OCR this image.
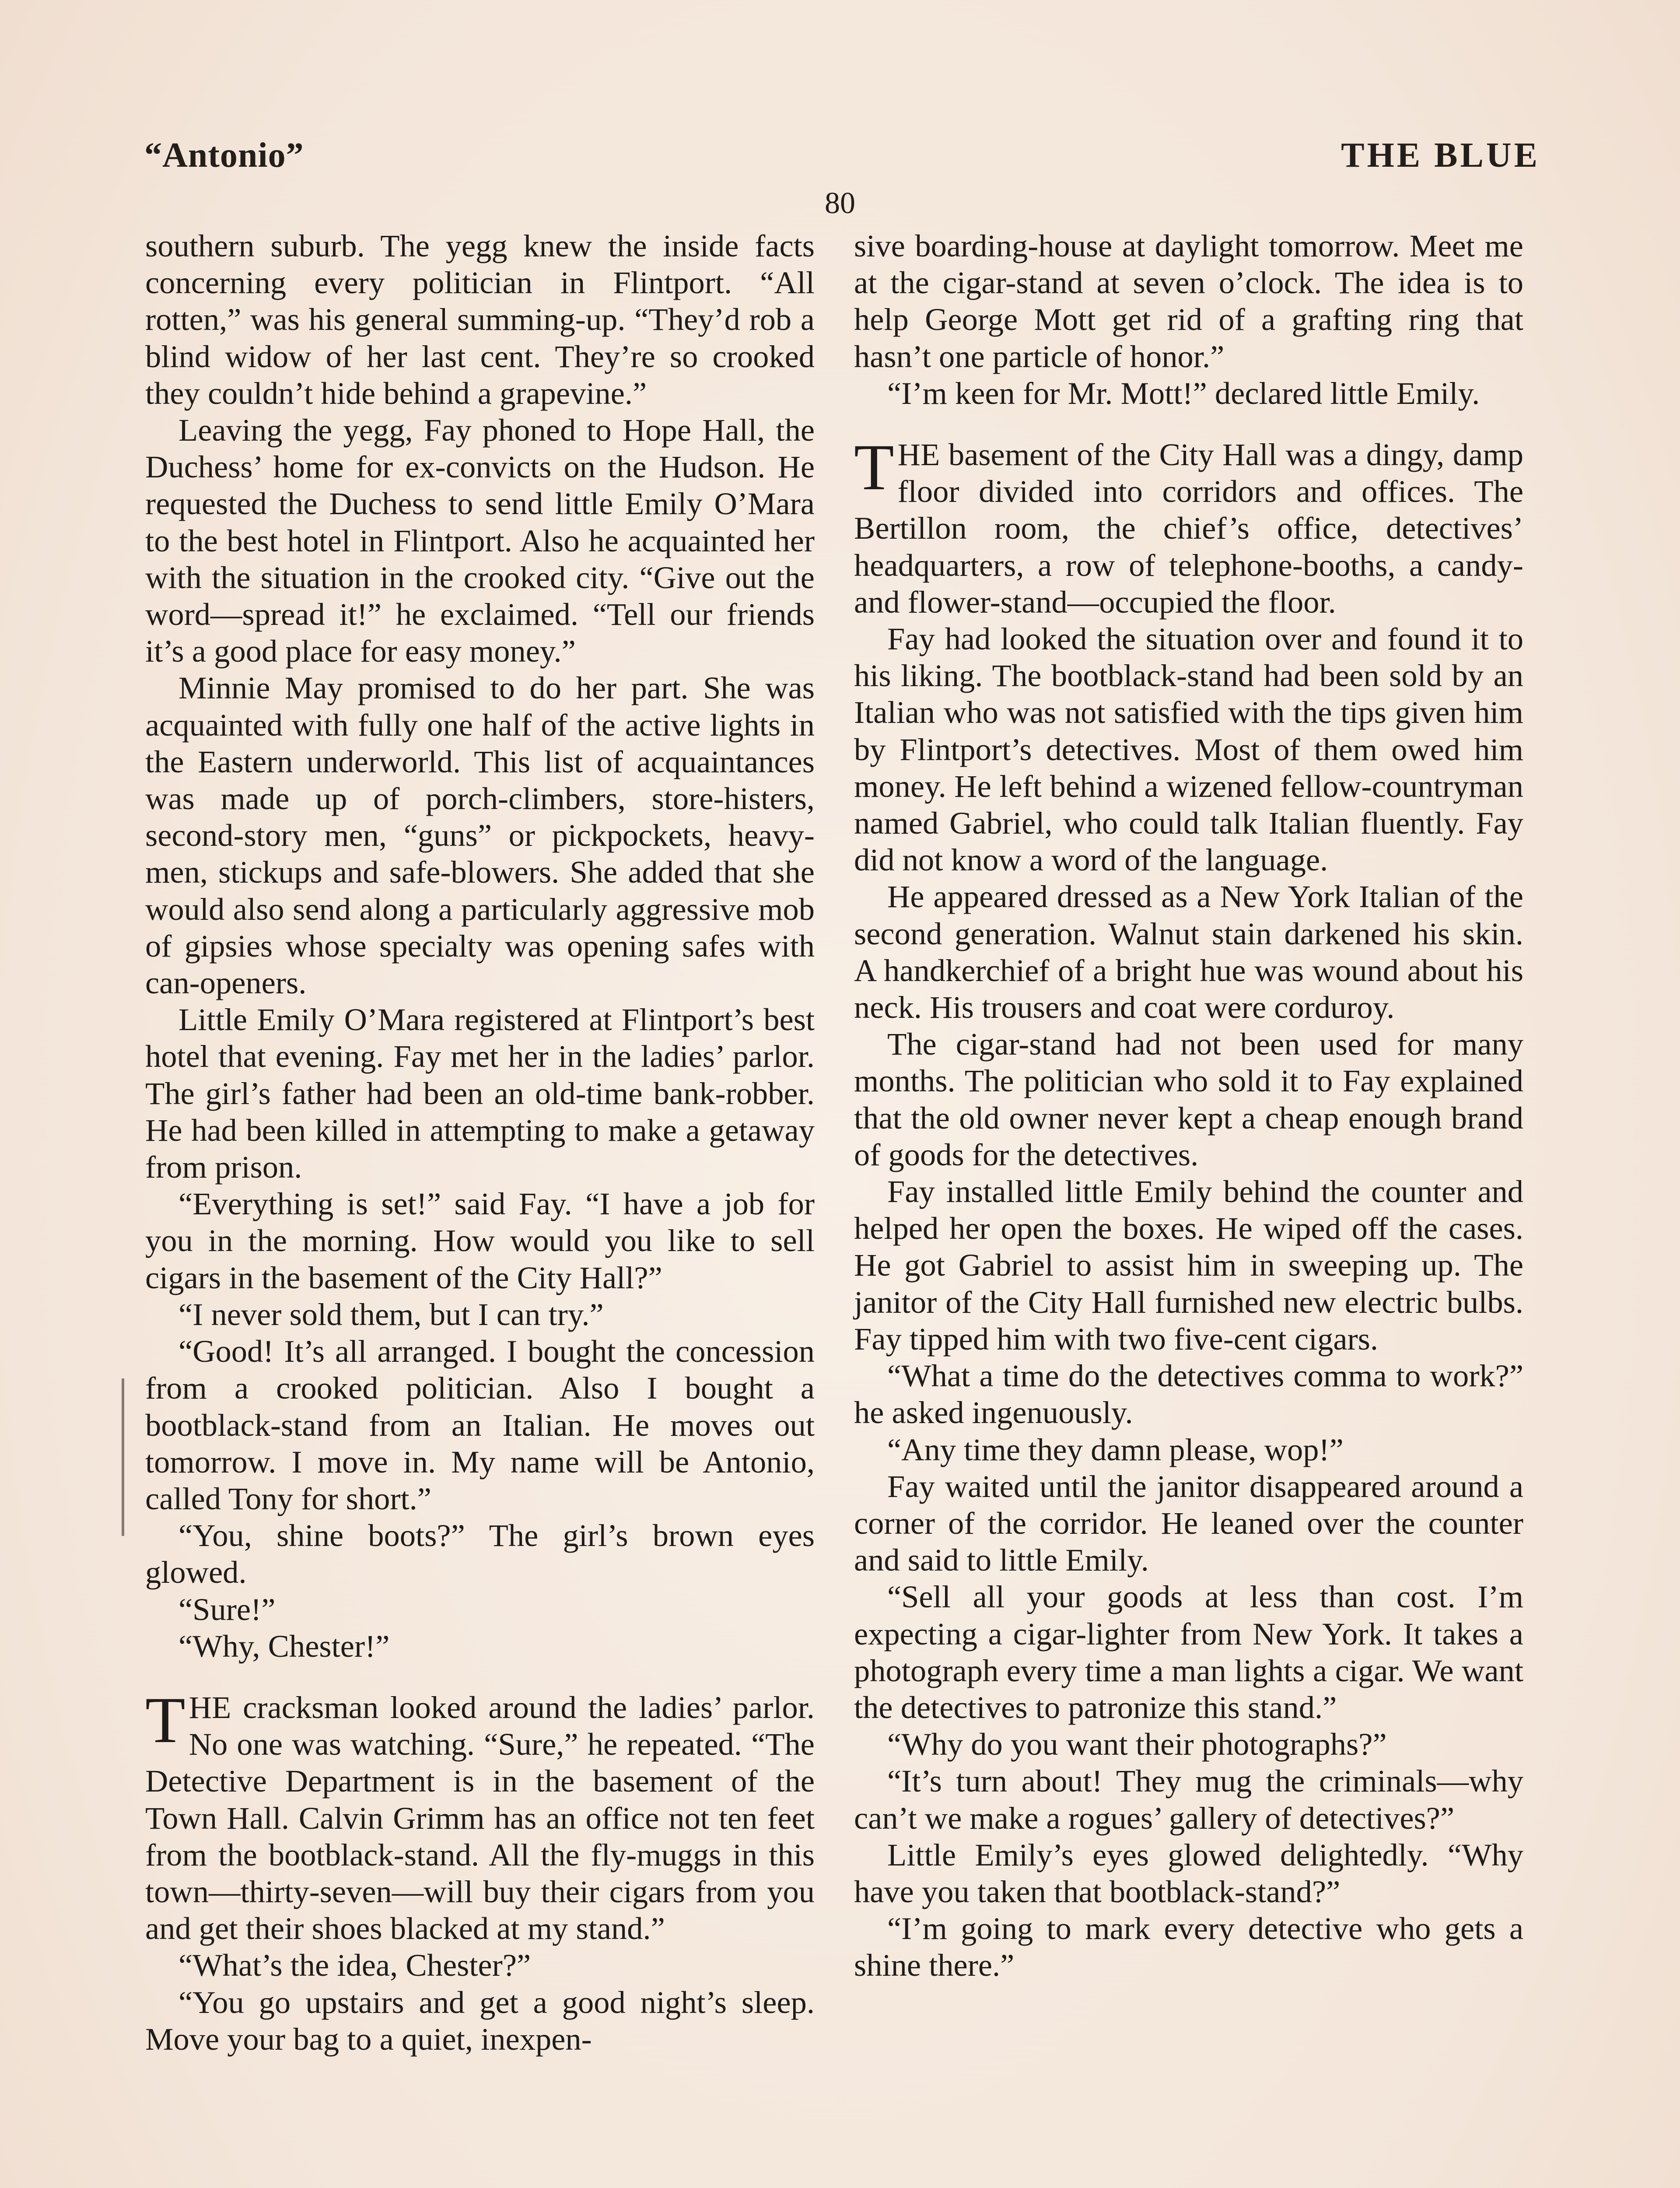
“Antonio”	THE BLUE
80

southern suburb. The yegg knew the inside facts concerning every politician in Flintport. “All rotten,” was his general summing-up. “They’d rob a blind widow of her last cent. They’re so crooked they couldn’t hide behind a grapevine.”

Leaving the yegg, Fay phoned to Hope Hall, the Duchess’ home for ex-convicts on the Hudson. He requested the Duchess to send little Emily O’Mara to the best hotel in Flintport. Also he acquainted her with the situation in the crooked city. “Give out the word—spread it!” he exclaimed. “Tell our friends it’s a good place for easy money.”

Minnie May promised to do her part. She was acquainted with fully one half of the active lights in the Eastern underworld. This list of acquaintances was made up of porch-climbers, store-histers, second-story men, “guns” or pickpockets, heavy-men, stickups and safe-blowers. She added that she would also send along a particularly aggressive mob of gipsies whose specialty was opening safes with can-openers.

Little Emily O’Mara registered at Flintport’s best hotel that evening. Fay met her in the ladies’ parlor. The girl’s father had been an old-time bank-robber. He had been killed in attempting to make a getaway from prison.

“Everything is set!” said Fay. “I have a job for you in the morning. How would you like to sell cigars in the basement of the City Hall?”

“I never sold them, but I can try.”

“Good! It’s all arranged. I bought the concession from a crooked politician. Also I bought a bootblack-stand from an Italian. He moves out tomorrow. I move in. My name will be Antonio, called Tony for short.”

“You, shine boots?” The girl’s brown eyes glowed.

“Sure!”

“Why, Chester!”

THE cracksman looked around the ladies’ parlor. No one was watching. “Sure,” he repeated. “The Detective Department is in the basement of the Town Hall. Calvin Grimm has an office not ten feet from the bootblack-stand. All the fly-muggs in this town—thirty-seven—will buy their cigars from you and get their shoes blacked at my stand.”

“What’s the idea, Chester?”

“You go upstairs and get a good night’s sleep. Move your bag to a quiet, inexpen-

sive boarding-house at daylight tomorrow. Meet me at the cigar-stand at seven o’clock. The idea is to help George Mott get rid of a grafting ring that hasn’t one particle of honor.”

“I’m keen for Mr. Mott!” declared little Emily.

THE basement of the City Hall was a dingy, damp floor divided into corridors and offices. The Bertillon room, the chief’s office, detectives’ headquarters, a row of telephone-booths, a candy- and flower-stand—occupied the floor.

Fay had looked the situation over and found it to his liking. The bootblack-stand had been sold by an Italian who was not satisfied with the tips given him by Flintport’s detectives. Most of them owed him money. He left behind a wizened fellow-countryman named Gabriel, who could talk Italian fluently. Fay did not know a word of the language.

He appeared dressed as a New York Italian of the second generation. Walnut stain darkened his skin. A handkerchief of a bright hue was wound about his neck. His trousers and coat were corduroy.

The cigar-stand had not been used for many months. The politician who sold it to Fay explained that the old owner never kept a cheap enough brand of goods for the detectives.

Fay installed little Emily behind the counter and helped her open the boxes. He wiped off the cases. He got Gabriel to assist him in sweeping up. The janitor of the City Hall furnished new electric bulbs. Fay tipped him with two five-cent cigars.

“What a time do the detectives comma to work?” he asked ingenuously.

“Any time they damn please, wop!”

Fay waited until the janitor disappeared around a corner of the corridor. He leaned over the counter and said to little Emily.

“Sell all your goods at less than cost. I’m expecting a cigar-lighter from New York. It takes a photograph every time a man lights a cigar. We want the detectives to patronize this stand.”

“Why do you want their photographs?”

“It’s turn about! They mug the criminals—why can’t we make a rogues’ gallery of detectives?”

Little Emily’s eyes glowed delightedly. “Why have you taken that bootblack-stand?”

“I’m going to mark every detective who gets a shine there.”
